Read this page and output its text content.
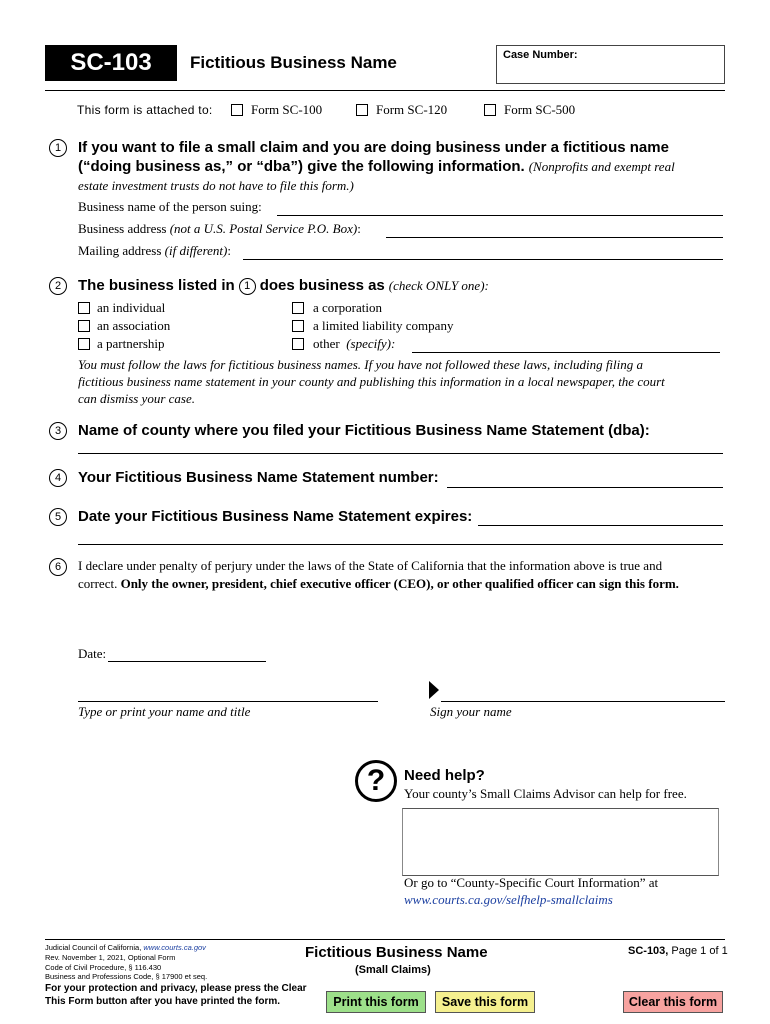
SC-103	Fictitious Business Name	Case Number:
This form is attached to:	Form SC-100	Form SC-120	Form SC-500
1	If you want to file a small claim and you are doing business under a fictitious name
(“doing business as,” or “dba”) give the following information. (Nonprofits and exempt real
estate investment trusts do not have to file this form.)
Business name of the person suing:
Business address (not a U.S. Postal Service P.O. Box):
Mailing address (if different):
2	The business listed in 1 does business as (check ONLY one):
an individual
an association
a partnership
a corporation
a limited liability company
other (specify):
You must follow the laws for fictitious business names. If you have not followed these laws, including filing a
fictitious business name statement in your county and publishing this information in a local newspaper, the court
can dismiss your case.
3	Name of county where you filed your Fictitious Business Name Statement (dba):
4	Your Fictitious Business Name Statement number:
5	Date your Fictitious Business Name Statement expires:
6	I declare under penalty of perjury under the laws of the State of California that the information above is true and
correct. Only the owner, president, chief executive officer (CEO), or other qualified officer can sign this form.
Date:
Type or print your name and title	Sign your name
?	Need help?
Your county’s Small Claims Advisor can help for free.
Or go to “County-Specific Court Information” at
www.courts.ca.gov/selfhelp-smallclaims
Judicial Council of California, www.courts.ca.gov
Rev. November 1, 2021, Optional Form
Code of Civil Procedure, § 116.430
Business and Professions Code, § 17900 et seq.
Fictitious Business Name
(Small Claims)
SC-103, Page 1 of 1
For your protection and privacy, please press the Clear
This Form button after you have printed the form.	Print this form	Save this form	Clear this form
